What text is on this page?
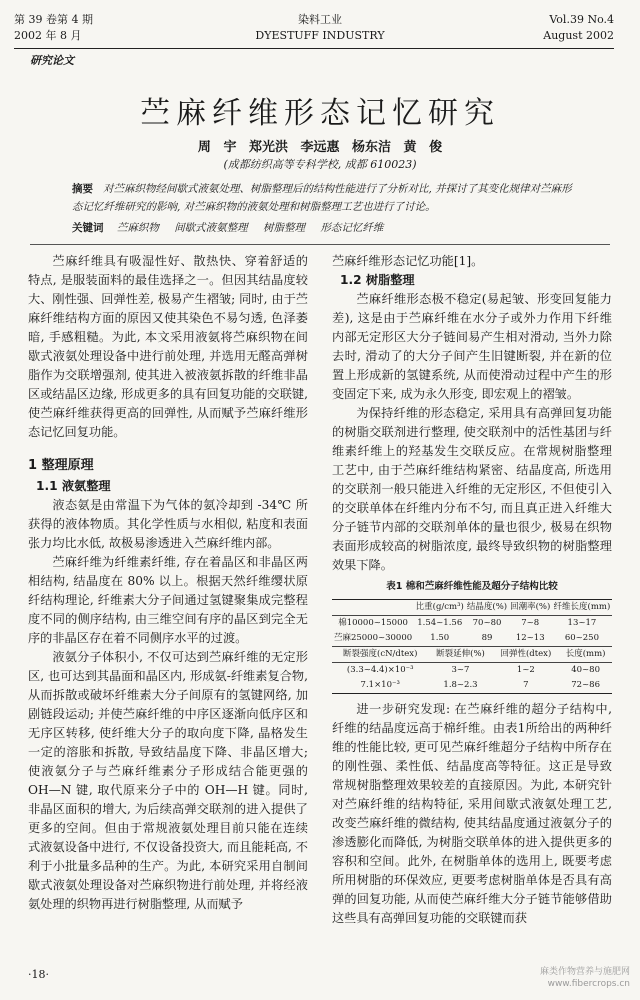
第 39 卷第 4 期
2002 年 8 月
染料工业
DYESTUFF INDUSTRY
Vol.39 No.4
August 2002
研究论文
苎麻纤维形态记忆研究
周 宇 郑光洪 李远惠 杨东洁 黄 俊
(成都纺织高等专科学校, 成都 610023)
摘要 对苎麻织物经间歇式液氨处理、树脂整理后的结构性能进行了分析对比, 并探讨了其变化规律对苎麻形态记忆纤维研究的影响, 对苎麻织物的液氨处理和树脂整理工艺也进行了讨论。
关键词 苎麻织物 间歇式液氨整理 树脂整理 形态记忆纤维

苎麻纤维具有吸湿性好、散热快、穿着舒适的特点, 是服装面料的最佳选择之一。但因其结晶度较大、刚性强、回弹性差, 极易产生褶皱; 同时, 由于苎麻纤维结构方面的原因又使其染色不易匀透, 色泽萎暗, 手感粗糙。为此, 本文采用液氨将苎麻织物在间歇式液氨处理设备中进行前处理, 并选用无醛高弹树脂作为交联增强剂, 使其进入被液氨拆散的纤维非晶区或结晶区边缘, 形成更多的具有回复功能的交联键, 使苎麻纤维获得更高的回弹性, 从而赋予苎麻纤维形态记忆回复功能。

1 整理原理
1.1 液氨整理

液态氨是由常温下为气体的氨冷却到 -34℃ 所获得的液体物质。其化学性质与水相似, 粘度和表面张力均比水低, 故极易渗透进入苎麻纤维内部。

苎麻纤维为纤维素纤维, 存在着晶区和非晶区两相结构, 结晶度在 80% 以上。根据天然纤维缨状原纤结构理论, 纤维素大分子间通过氢键聚集成完整程度不同的侧序结构, 由三维空间有序的晶区到完全无序的非晶区存在着不同侧序水平的过渡。

液氨分子体积小, 不仅可达到苎麻纤维的无定形区, 也可达到其晶面和晶区内, 形成氨-纤维素复合物, 从而拆散或破坏纤维素大分子间原有的氢键网络, 加剧链段运动; 并使苎麻纤维的中序区逐渐向低序区和无序区转移, 使纤维大分子的取向度下降, 晶格发生一定的溶胀和拆散, 导致结晶度下降、非晶区增大; 使液氨分子与苎麻纤维素分子形成结合能更强的 OH—N 键, 取代原来分子中的 OH—H 键。同时, 非晶区面积的增大, 为后续高弹交联剂的进入提供了更多的空间。但由于常规液氨处理目前只能在连续式液氨设备中进行, 不仅设备投资大, 而且能耗高, 不利于小批量多品种的生产。为此, 本研究采用自制间歇式液氨处理设备对苎麻织物进行前处理, 并将经液氨处理的织物再进行树脂整理, 从而赋予

苎麻纤维形态记忆功能[1]。

1.2 树脂整理

苎麻纤维形态极不稳定(易起皱、形变回复能力差), 这是由于苎麻纤维在水分子或外力作用下纤维内部无定形区大分子链间易产生相对滑动, 当外力除去时, 滑动了的大分子间产生旧键断裂, 并在新的位置上形成新的氢键系统, 从而使滑动过程中产生的形变固定下来, 成为永久形变, 即宏观上的褶皱。

为保持纤维的形态稳定, 采用具有高弹回复功能的树脂交联剂进行整理, 使交联剂中的活性基团与纤维素纤维上的羟基发生交联反应。在常规树脂整理工艺中, 由于苎麻纤维结构紧密、结晶度高, 所选用的交联剂一般只能进入纤维的无定形区, 不但使引入的交联单体在纤维内分布不匀, 而且真正进入纤维大分子链节内部的交联剂单体的量也很少, 极易在织物表面形成较高的树脂浓度, 最终导致织物的树脂整理效果下降。

表1 棉和苎麻纤维性能及超分子结构比较
	比重(g/cm³)	结晶度(%)	回潮率(%)	纤维长度(mm)
棉10000~15000	1.54~1.56	70~80	7~8	13~17
苎麻25000~30000	1.50	89	12~13	60~250
断裂强度(cN/dtex)	断裂延伸(%)	回弹性(dtex)	长度(mm)
(3.3~4.4)×10⁻³	3~7	1~2	40~80
7.1×10⁻³	1.8~2.3	7	72~86

进一步研究发现: 在苎麻纤维的超分子结构中, 纤维的结晶度远高于棉纤维。由表1所给出的两种纤维的性能比较, 更可见苎麻纤维超分子结构中所存在的刚性强、柔性低、结晶度高等特征。这正是导致常规树脂整理效果较差的直接原因。为此, 本研究针对苎麻纤维的结构特征, 采用间歇式液氨处理工艺, 改变苎麻纤维的微结构, 使其结晶度通过液氨分子的渗透膨化而降低, 为树脂交联单体的进入提供更多的容积和空间。此外, 在树脂单体的选用上, 既要考虑所用树脂的环保效应, 更要考虑树脂单体是否具有高弹的回复功能, 从而使苎麻纤维大分子链节能够借助这些具有高弹回复功能的交联键而获

·18·	麻类作物营养与施肥网 www.fibercrops.cn
